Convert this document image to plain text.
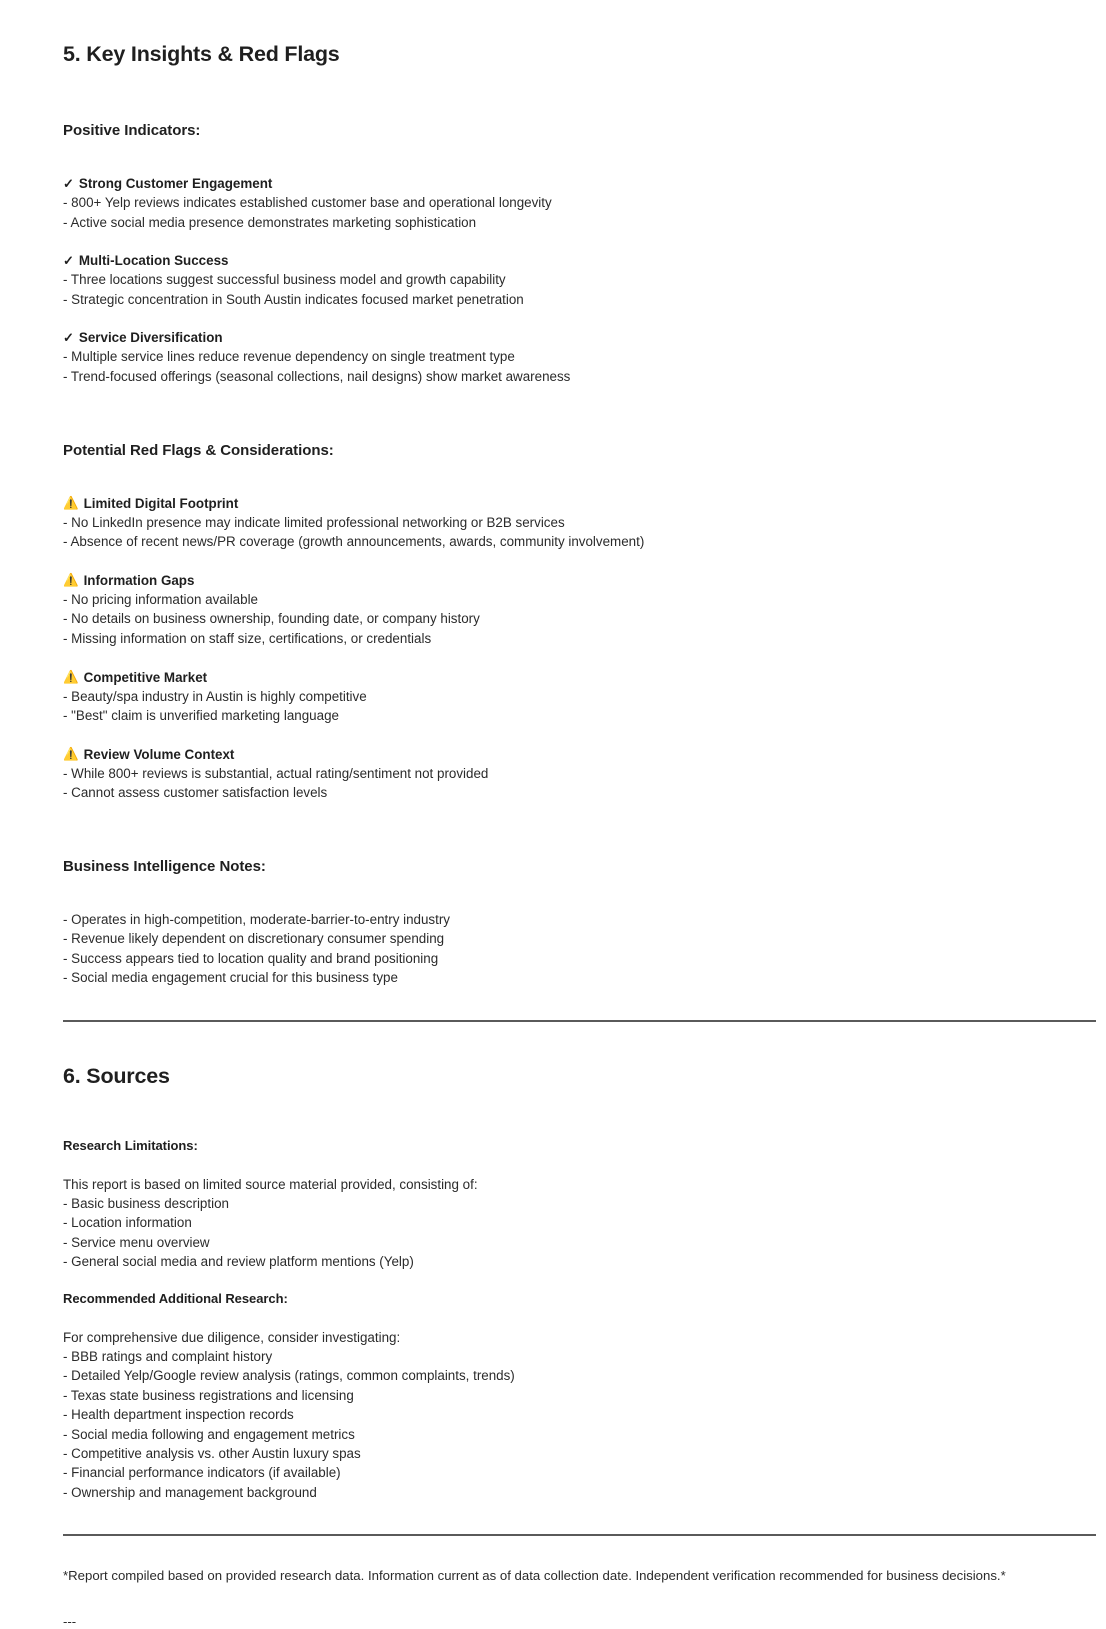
5. Key Insights & Red Flags
Positive Indicators:
✓ Strong Customer Engagement

- 800+ Yelp reviews indicates established customer base and operational longevity

- Active social media presence demonstrates marketing sophistication

✓ Multi-Location Success

- Three locations suggest successful business model and growth capability

- Strategic concentration in South Austin indicates focused market penetration

✓ Service Diversification

- Multiple service lines reduce revenue dependency on single treatment type

- Trend-focused offerings (seasonal collections, nail designs) show market awareness

Potential Red Flags & Considerations:
⚠️ Limited Digital Footprint

- No LinkedIn presence may indicate limited professional networking or B2B services

- Absence of recent news/PR coverage (growth announcements, awards, community involvement)

⚠️ Information Gaps

- No pricing information available

- No details on business ownership, founding date, or company history

- Missing information on staff size, certifications, or credentials

⚠️ Competitive Market

- Beauty/spa industry in Austin is highly competitive

- "Best" claim is unverified marketing language

⚠️ Review Volume Context

- While 800+ reviews is substantial, actual rating/sentiment not provided

- Cannot assess customer satisfaction levels

Business Intelligence Notes:

- Operates in high-competition, moderate-barrier-to-entry industry

- Revenue likely dependent on discretionary consumer spending

- Success appears tied to location quality and brand positioning

- Social media engagement crucial for this business type

6. Sources
Research Limitations:

This report is based on limited source material provided, consisting of:

- Basic business description

- Location information

- Service menu overview

- General social media and review platform mentions (Yelp)

Recommended Additional Research:

For comprehensive due diligence, consider investigating:

- BBB ratings and complaint history

- Detailed Yelp/Google review analysis (ratings, common complaints, trends)

- Texas state business registrations and licensing

- Health department inspection records

- Social media following and engagement metrics

- Competitive analysis vs. other Austin luxury spas

- Financial performance indicators (if available)

- Ownership and management background

*Report compiled based on provided research data. Information current as of data collection date. Independent verification recommended for business decisions.*

---
